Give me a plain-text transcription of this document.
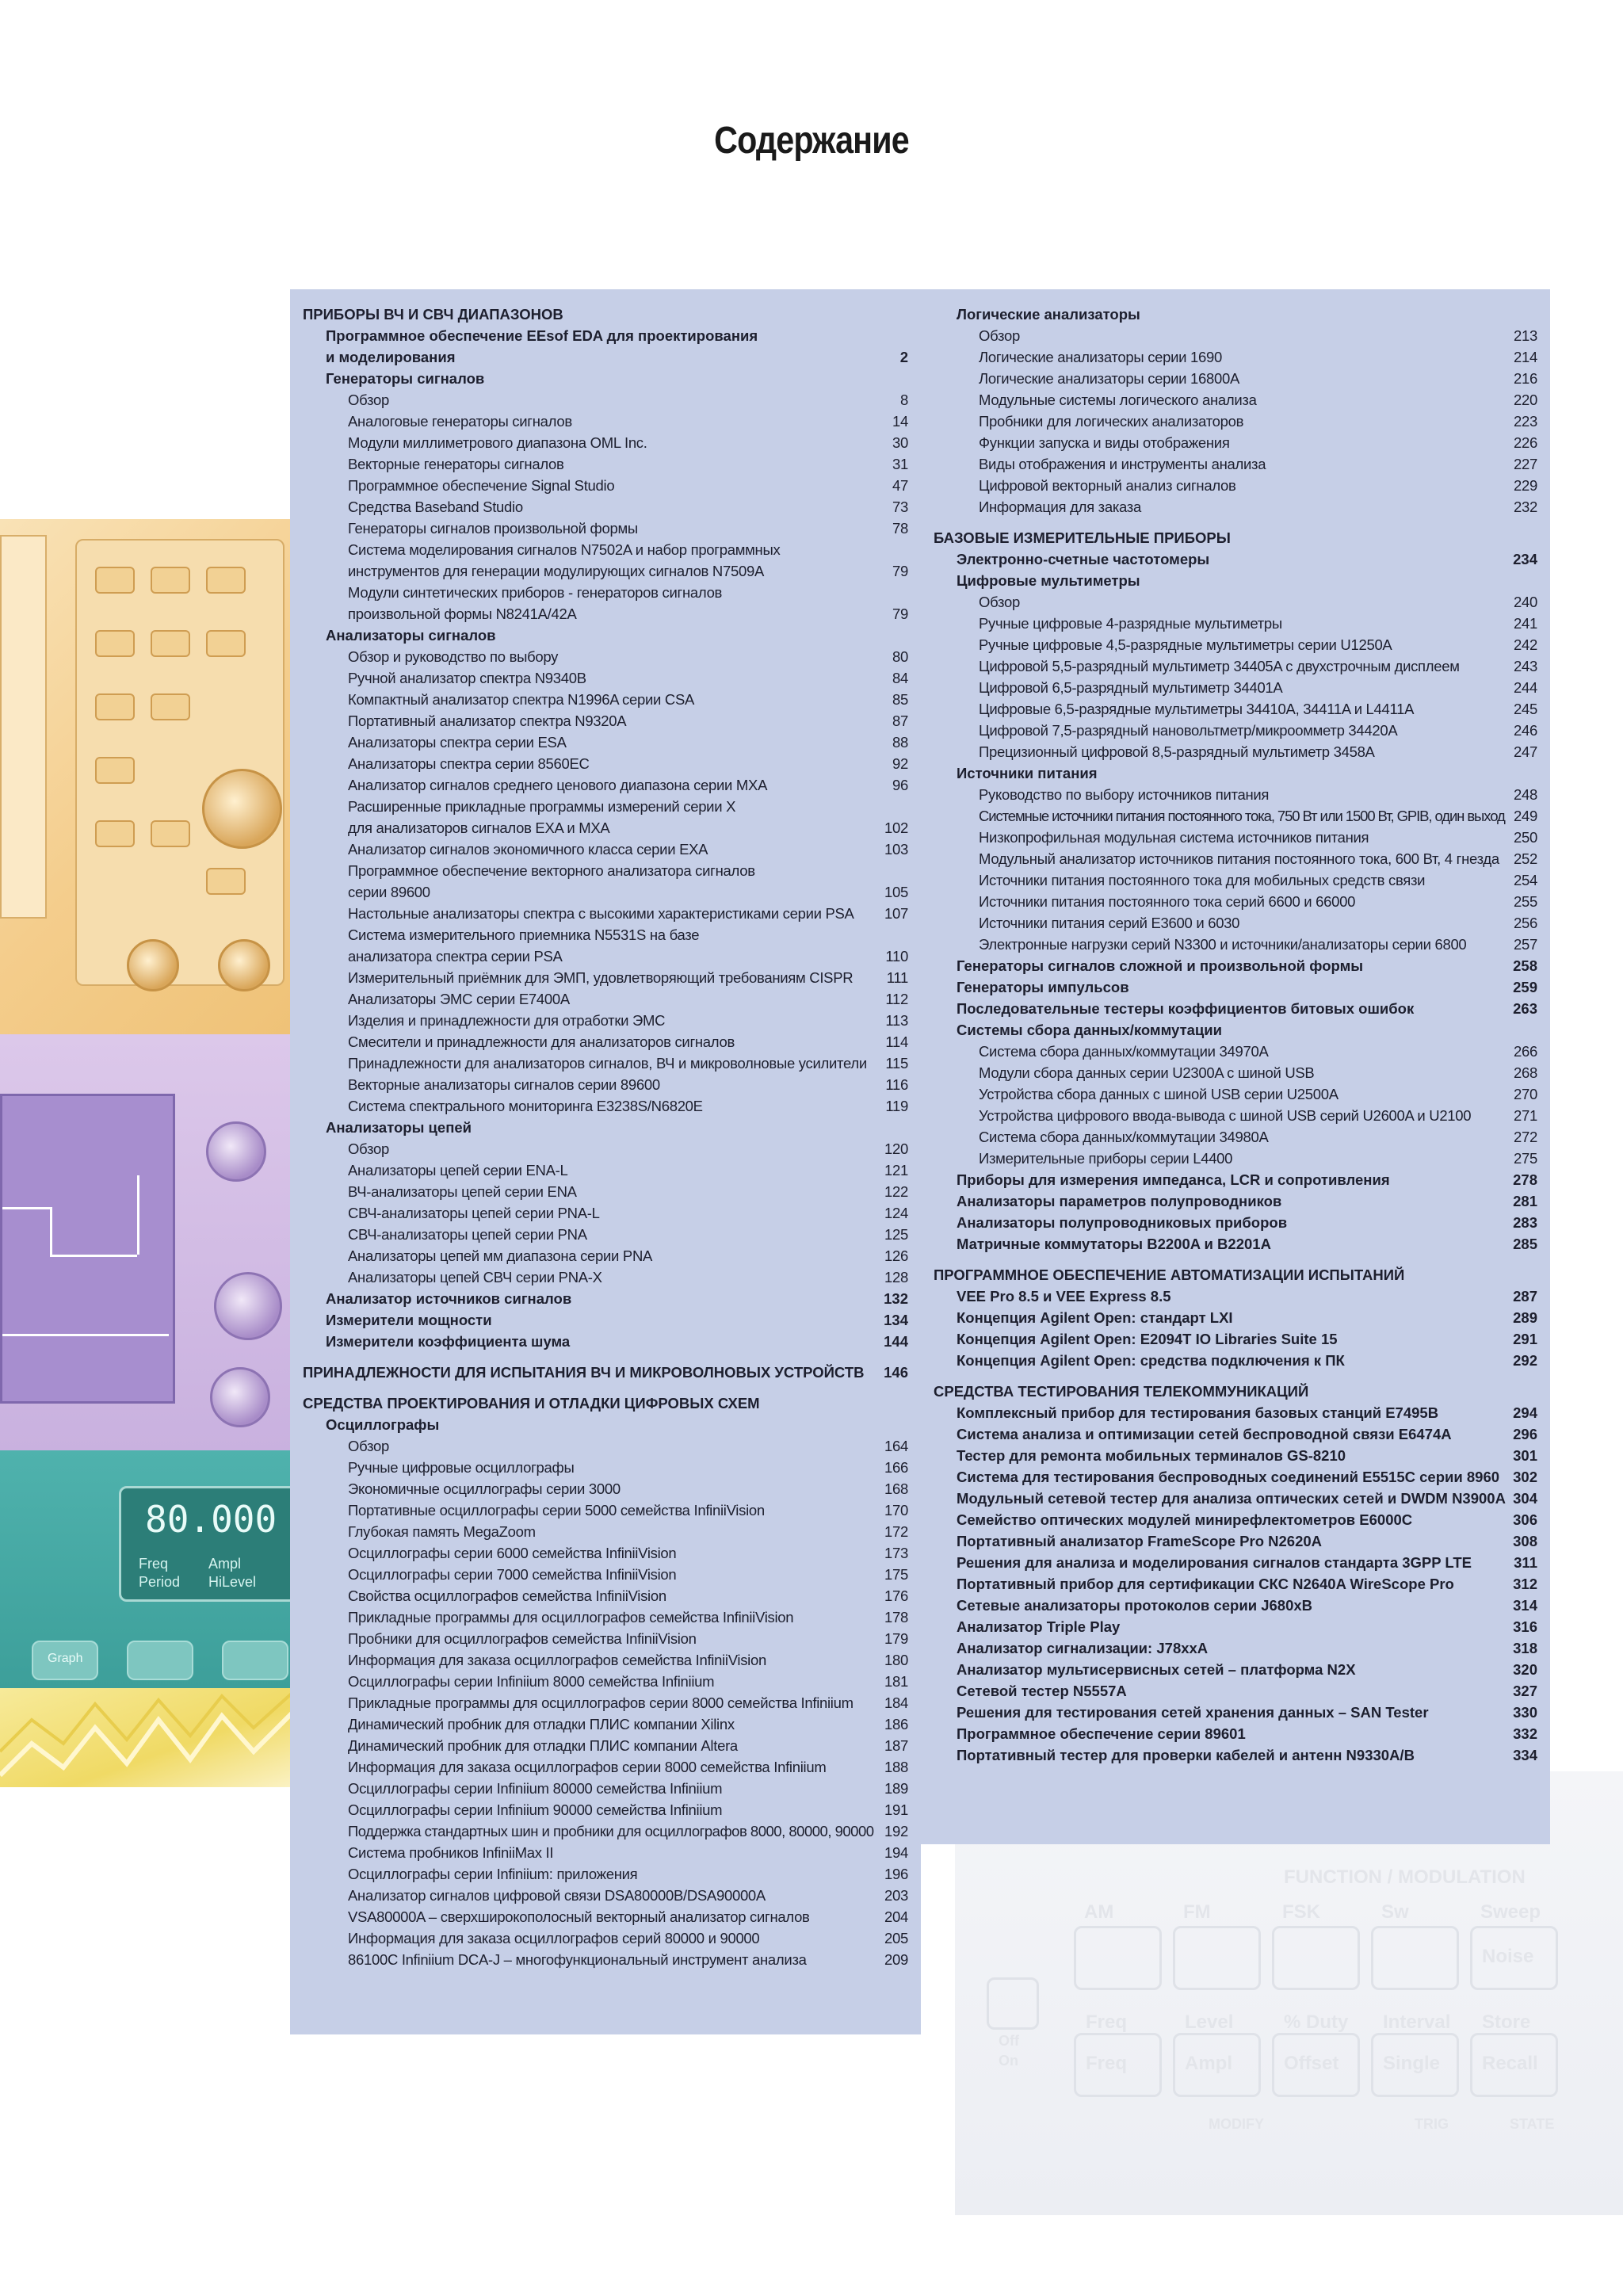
80.000
Freq	Ampl
Period HiLevel
Graph
FUNCTION / MODULATION
AM	FM	FSK	Sw	Sweep
Noise
Freq
Freq
Level
Ampl
% Duty
Offset
Interval
Single
Store
Recall
MODIFY	TRIG	STATE
Off
On
Содержание
ПРИБОРЫ ВЧ И СВЧ ДИАПАЗОНОВ
Программное обеспечение EEsof EDA для проектирования
и моделирования	2
Генераторы сигналов
Обзор	8
Аналоговые генераторы сигналов	14
Модули миллиметрового диапазона OML Inc.	30
Векторные генераторы сигналов	31
Программное обеспечение Signal Studio	47
Средства Baseband Studio	73
Генераторы сигналов произвольной формы	78
Система моделирования сигналов N7502A и набор программных
инструментов для генерации модулирующих сигналов N7509A	79
Модули синтетических приборов - генераторов сигналов
произвольной формы N8241A/42A	79
Анализаторы сигналов
Обзор и руководство по выбору	80
Ручной анализатор спектра N9340B	84
Компактный анализатор спектра N1996A серии CSA	85
Портативный анализатор спектра N9320A	87
Анализаторы спектра серии ESA	88
Анализаторы спектра серии 8560EC	92
Анализатор сигналов среднего ценового диапазона серии MXA	96
Расширенные прикладные программы измерений серии X
для анализаторов сигналов EXA и MXA	102
Анализатор сигналов экономичного класса серии EXA	103
Программное обеспечение векторного анализатора сигналов
серии 89600	105
Настольные анализаторы спектра с высокими характеристиками серии PSA	107
Система измерительного приемника N5531S на базе
анализатора спектра серии PSA	110
Измерительный приёмник для ЭМП, удовлетворяющий требованиям CISPR	111
Анализаторы ЭМС серии E7400A	112
Изделия и принадлежности для отработки ЭМС	113
Смесители и принадлежности для анализаторов сигналов	114
Принадлежности для анализаторов сигналов, ВЧ и микроволновые усилители	115
Векторные анализаторы сигналов серии 89600	116
Система спектрального мониторинга E3238S/N6820E	119
Анализаторы цепей
Обзор	120
Анализаторы цепей серии ENA-L	121
ВЧ-анализаторы цепей серии ENA	122
СВЧ-анализаторы цепей серии PNA-L	124
СВЧ-анализаторы цепей серии PNA	125
Анализаторы цепей мм диапазона серии PNA	126
Анализаторы цепей СВЧ серии PNA-X	128
Анализатор источников сигналов	132
Измерители мощности	134
Измерители коэффициента шума	144
ПРИНАДЛЕЖНОСТИ ДЛЯ ИСПЫТАНИЯ ВЧ И МИКРОВОЛНОВЫХ УСТРОЙСТВ	146
СРЕДСТВА ПРОЕКТИРОВАНИЯ И ОТЛАДКИ ЦИФРОВЫХ СХЕМ
Осциллографы
Обзор	164
Ручные цифровые осциллографы	166
Экономичные осциллографы серии 3000	168
Портативные осциллографы серии 5000 семейства InfiniiVision	170
Глубокая память MegaZoom	172
Осциллографы серии 6000 семейства InfiniiVision	173
Осциллографы серии 7000 семейства InfiniiVision	175
Свойства осциллографов семейства InfiniiVision	176
Прикладные программы для осциллографов семейства InfiniiVision	178
Пробники для осциллографов семейства InfiniiVision	179
Информация для заказа осциллографов семейства InfiniiVision	180
Осциллографы серии Infiniium 8000 семейства Infiniium	181
Прикладные программы для осциллографов серии 8000 семейства Infiniium	184
Динамический пробник для отладки ПЛИС компании Xilinx	186
Динамический пробник для отладки ПЛИС компании Altera	187
Информация для заказа осциллографов серии 8000 семейства Infiniium	188
Осциллографы серии Infiniium 80000 семейства Infiniium	189
Осциллографы серии Infiniium 90000 семейства Infiniium	191
Поддержка стандартных шин и пробники для осциллографов 8000, 80000, 90000 192
Система пробников InfiniiMax II	194
Осциллографы серии Infiniium: приложения	196
Анализатор сигналов цифровой связи DSA80000B/DSA90000A	203
VSA80000A – сверхширокополосный векторный анализатор сигналов	204
Информация для заказа осциллографов серий 80000 и 90000	205
86100C Infiniium DCA-J – многофункциональный инструмент анализа	209
Логические анализаторы
Обзор	213
Логические анализаторы серии 1690	214
Логические анализаторы серии 16800A	216
Модульные системы логического анализа	220
Пробники для логических анализаторов	223
Функции запуска и виды отображения	226
Виды отображения и инструменты анализа	227
Цифровой векторный анализ сигналов	229
Информация для заказа	232
БАЗОВЫЕ ИЗМЕРИТЕЛЬНЫЕ ПРИБОРЫ
Электронно-счетные частотомеры	234
Цифровые мультиметры
Обзор	240
Ручные цифровые 4-разрядные мультиметры	241
Ручные цифровые 4,5-разрядные мультиметры серии U1250A	242
Цифровой 5,5-разрядный мультиметр 34405A с двухстрочным дисплеем	243
Цифровой 6,5-разрядный мультиметр 34401A	244
Цифровые 6,5-разрядные мультиметры 34410A, 34411A и L4411A	245
Цифровой 7,5-разрядный нановольтметр/микроомметр 34420A	246
Прецизионный цифровой 8,5-разрядный мультиметр 3458A	247
Источники питания
Руководство по выбору источников питания	248
Системные источники питания постоянного тока, 750 Вт или 1500 Вт, GPIB, один выход 249
Низкопрофильная модульная система источников питания	250
Модульный анализатор источников питания постоянного тока, 600 Вт, 4 гнезда 252
Источники питания постоянного тока для мобильных средств связи	254
Источники питания постоянного тока серий 6600 и 66000	255
Источники питания серий E3600 и 6030	256
Электронные нагрузки серий N3300 и источники/анализаторы серии 6800	257
Генераторы сигналов сложной и произвольной формы	258
Генераторы импульсов	259
Последовательные тестеры коэффициентов битовых ошибок	263
Системы сбора данных/коммутации
Система сбора данных/коммутации 34970A	266
Модули сбора данных серии U2300A с шиной USB	268
Устройства сбора данных с шиной USB серии U2500A	270
Устройства цифрового ввода-вывода с шиной USB серий U2600A и U2100	271
Система сбора данных/коммутации 34980A	272
Измерительные приборы серии L4400	275
Приборы для измерения импеданса, LCR и сопротивления	278
Анализаторы параметров полупроводников	281
Анализаторы полупроводниковых приборов	283
Матричные коммутаторы B2200A и B2201A	285
ПРОГРАММНОЕ ОБЕСПЕЧЕНИЕ АВТОМАТИЗАЦИИ ИСПЫТАНИЙ
VEE Pro 8.5 и VEE Express 8.5	287
Концепция Agilent Open: стандарт LXI	289
Концепция Agilent Open: E2094T IO Libraries Suite 15	291
Концепция Agilent Open: средства подключения к ПК	292
СРЕДСТВА ТЕСТИРОВАНИЯ ТЕЛЕКОММУНИКАЦИЙ
Комплексный прибор для тестирования базовых станций E7495B	294
Система анализа и оптимизации сетей беспроводной связи E6474A	296
Тестер для ремонта мобильных терминалов GS-8210	301
Система для тестирования беспроводных соединений E5515C серии 8960 302
Модульный сетевой тестер для анализа оптических сетей и DWDM N3900A 304
Семейство оптических модулей минирефлектометров E6000C	306
Портативный анализатор FrameScope Pro N2620A	308
Решения для анализа и моделирования сигналов стандарта 3GPP LTE	311
Портативный прибор для сертификации СКС N2640A WireScope Pro	312
Сетевые анализаторы протоколов серии J680xB	314
Анализатор Triple Play	316
Анализатор сигнализации: J78xxA	318
Анализатор мультисервисных сетей – платформа N2X	320
Сетевой тестер N5557A	327
Решения для тестирования сетей хранения данных – SAN Tester	330
Программное обеспечение серии 89601	332
Портативный тестер для проверки кабелей и антенн N9330A/B	334
